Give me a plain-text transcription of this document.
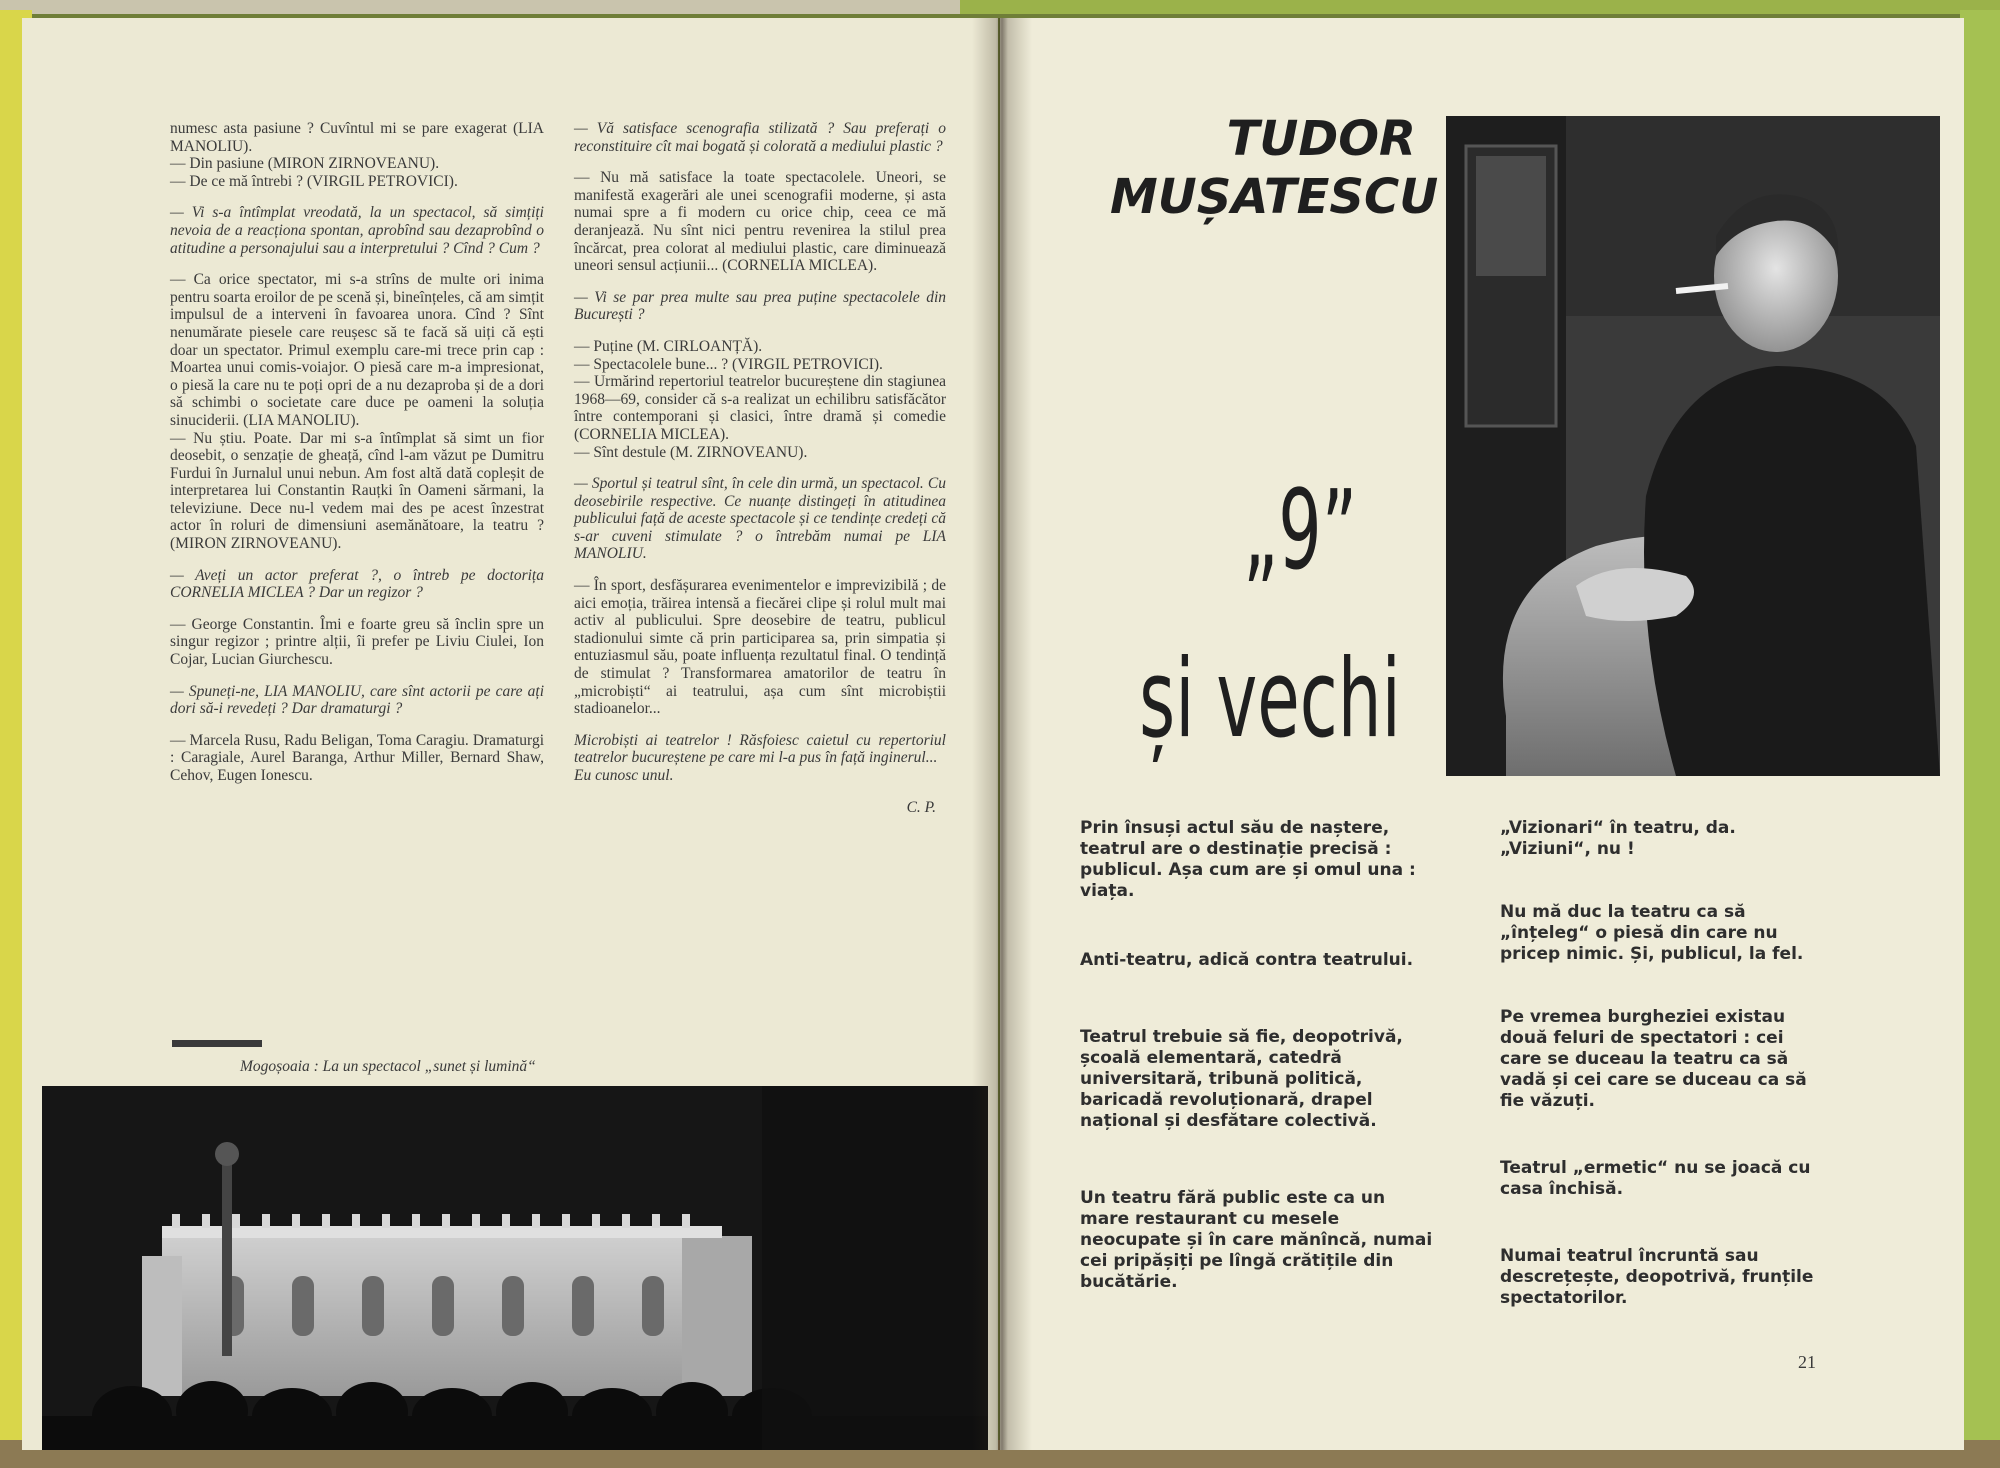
numesc asta pasiune ? Cuvîntul mi se pare exagerat (LIA MANOLIU).

— Din pasiune (MIRON ZIRNOVEANU).

— De ce mă întrebi ? (VIRGIL PETROVICI).

— Vi s-a întîmplat vreodată, la un spectacol, să simțiți nevoia de a reacționa spontan, aprobînd sau dezaprobînd o atitudine a personajului sau a interpretului ? Cînd ? Cum ?

— Ca orice spectator, mi s-a strîns de multe ori inima pentru soarta eroilor de pe scenă și, bineînțeles, că am simțit impulsul de a interveni în favoarea unora. Cînd ? Sînt nenumărate piesele care reușesc să te facă să uiți că ești doar un spectator. Primul exemplu care-mi trece prin cap : Moartea unui comis-voiajor. O piesă care m-a impresionat, o piesă la care nu te poți opri de a nu dezaproba și de a dori să schimbi o societate care duce pe oameni la soluția sinuciderii. (LIA MANOLIU).

— Nu știu. Poate. Dar mi s-a întîmplat să simt un fior deosebit, o senzație de gheață, cînd l-am văzut pe Dumitru Furdui în Jurnalul unui nebun. Am fost altă dată copleșit de interpretarea lui Constantin Rauțki în Oameni sărmani, la televiziune. Dece nu-l vedem mai des pe acest înzestrat actor în roluri de dimensiuni asemănătoare, la teatru ? (MIRON ZIRNOVEANU).

— Aveți un actor preferat ?, o întreb pe doctorița CORNELIA MICLEA ? Dar un regizor ?

— George Constantin. Îmi e foarte greu să înclin spre un singur regizor ; printre alții, îi prefer pe Liviu Ciulei, Ion Cojar, Lucian Giurchescu.

— Spuneți-ne, LIA MANOLIU, care sînt actorii pe care ați dori să-i revedeți ? Dar dramaturgi ?

— Marcela Rusu, Radu Beligan, Toma Caragiu. Dramaturgi : Caragiale, Aurel Baranga, Arthur Miller, Bernard Shaw, Cehov, Eugen Ionescu.

— Vă satisface scenografia stilizată ? Sau preferați o reconstituire cît mai bogată și colorată a mediului plastic ?

— Nu mă satisface la toate spectacolele. Uneori, se manifestă exagerări ale unei scenografii moderne, și asta numai spre a fi modern cu orice chip, ceea ce mă deranjează. Nu sînt nici pentru revenirea la stilul prea încărcat, prea colorat al mediului plastic, care diminuează uneori sensul acțiunii... (CORNELIA MICLEA).

— Vi se par prea multe sau prea puține spectacolele din București ?

— Puține (M. CIRLOANȚĂ).

— Spectacolele bune... ? (VIRGIL PETROVICI).

— Urmărind repertoriul teatrelor bucureștene din stagiunea 1968—69, consider că s-a realizat un echilibru satisfăcător între contemporani și clasici, între dramă și comedie (CORNELIA MICLEA).

— Sînt destule (M. ZIRNOVEANU).

— Sportul și teatrul sînt, în cele din urmă, un spectacol. Cu deosebirile respective. Ce nuanțe distingeți în atitudinea publicului față de aceste spectacole și ce tendințe credeți că s-ar cuveni stimulate ? o întrebăm numai pe LIA MANOLIU.

— În sport, desfășurarea evenimentelor e imprevizibilă ; de aici emoția, trăirea intensă a fiecărei clipe și rolul mult mai activ al publicului. Spre deosebire de teatru, publicul stadionului simte că prin participarea sa, prin simpatia și entuziasmul său, poate influența rezultatul final. O tendință de stimulat ? Transformarea amatorilor de teatru în „microbiști“ ai teatrului, așa cum sînt microbiștii stadioanelor...

Microbiști ai teatrelor ! Răsfoiesc caietul cu repertoriul teatrelor bucureștene pe care mi l-a pus în față inginerul...

Eu cunosc unul.

C. P.
Mogoșoaia : La un spectacol „sunet și lumină“
TUDOR
MUȘATESCU
„9”
și vechi

Prin însuși actul său de naștere, teatrul are o destinație precisă : publicul. Așa cum are și omul una : viața.

Anti-teatru, adică contra teatrului.

Teatrul trebuie să fie, deopotrivă, școală elementară, catedră universitară, tribună politică, baricadă revoluționară, drapel național și desfătare colectivă.

Un teatru fără public este ca un mare restaurant cu mesele neocupate și în care mănîncă, numai cei pripășiți pe lîngă crătițile din bucătărie.

„Vizionari“ în teatru, da. „Viziuni“, nu !

Nu mă duc la teatru ca să „înțeleg“ o piesă din care nu pricep nimic. Și, publicul, la fel.

Pe vremea burgheziei existau două feluri de spectatori : cei care se duceau la teatru ca să vadă și cei care se duceau ca să fie văzuți.

Teatrul „ermetic“ nu se joacă cu casa închisă.

Numai teatrul încruntă sau descrețește, deopotrivă, frunțile spectatorilor.

21
